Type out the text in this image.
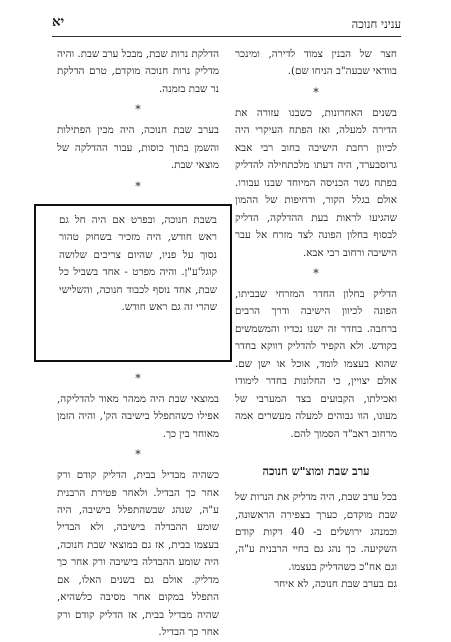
עניני חנוכה
יא

חצר של הבנין צמוד לדירה, ומינכר בוודאי שבעה"ב הניחו שם).

*

בשנים האחרונות, כשבנו עזורה את הדירה למעלה, ואז הפתח העיקרי היה לכיוון רחבת הישיבה בחוב רבי אבא גרוסבערד, היה דעתו מלכתחילה להדליק בפתח גשר הכניסה המיוחד שבנו עבורו. אולם בגלל הקור, ודחיפות של ההמון שהגיעו לראות בעת ההדלקה, הדליק לבסוף בחלון הפונה לצד מזרח אל עבר הישיבה ורחוב רבי אבא.

*

הדליק בחלון החדר המזרחי שבביתו, הפונה לכיוון הישיבה ודרך הרבים ברחבה. בחדר זה ישנו נכדיו והמשמשים בקודש. ולא הקפיד להדליק דווקא בחדר שהוא בעצמו לומד, אוכל או ישן שם. אולם יצויין, כי החלונות בחדר לימודו ואכילתו, הקבועים בצד המערבי של מעונו, הוו גבוהים למעלה מעשרים אמה מרחוב ראב"ד הסמוך להם.

ערב שבת ומוצ"ש חנוכה

בכל ערב שבת, היה מדליק את הנרות של שבת מוקדם, כערך בצפירה הראשונה, וכמנהג ירושלים ב- 40 דקות קודם השקיעה. כך נהג גם בחיי הרבנית ע"ה, וגם אח"כ כשהדליק בעצמו.

גם בערב שבת חנוכה, לא איחר

הדלקת נרות שבת, מבכל ערב שבת. והיה מדליק נרות חנוכה מוקדם, טרם הדלקת נר שבת בזמנה.

*

בערב שבת חנוכה, היה מכין הפתילות והשמן בתוך כוסות, עבור ההדלקה של מוצאי שבת.

*

בשבת חנוכה, ובפרט אם היה חל גם ראש חודש, היה מזכיר בשחוק טהור נסוך על פניו, שהיום צריכים שלושה קוגל'ע"ן. והיה מפרט - אחד בשביל כל שבת, אחד נוסף לכבוד חנוכה, והשלישי שהרי זה גם ראש חודש.

*

במוצאי שבת היה ממהר מאוד להדליקה, אפילו כשהתפלל בישיבה הק', והיה הזמן מאוחר בין כך.

*

כשהיה מבדיל בבית, הדליק קודם ורק אחר כך הבדיל. ולאחר פטירת הרבנית ע"ה, שנהג שבשהתפלל בישיבה, היה שומע ההבדלה בישיבה, ולא הבדיל בעצמו בבית, אז גם במוצאי שבת חנוכה, היה שומע ההבדלה בישיבה ורק אחר כך מדליק. אולם גם בשנים האלו, אם התפלל במקום אחר מסיבה כלשהיא, שהיה מבדיל בבית, אז הדליק קודם ורק אחר כך הבדיל.
